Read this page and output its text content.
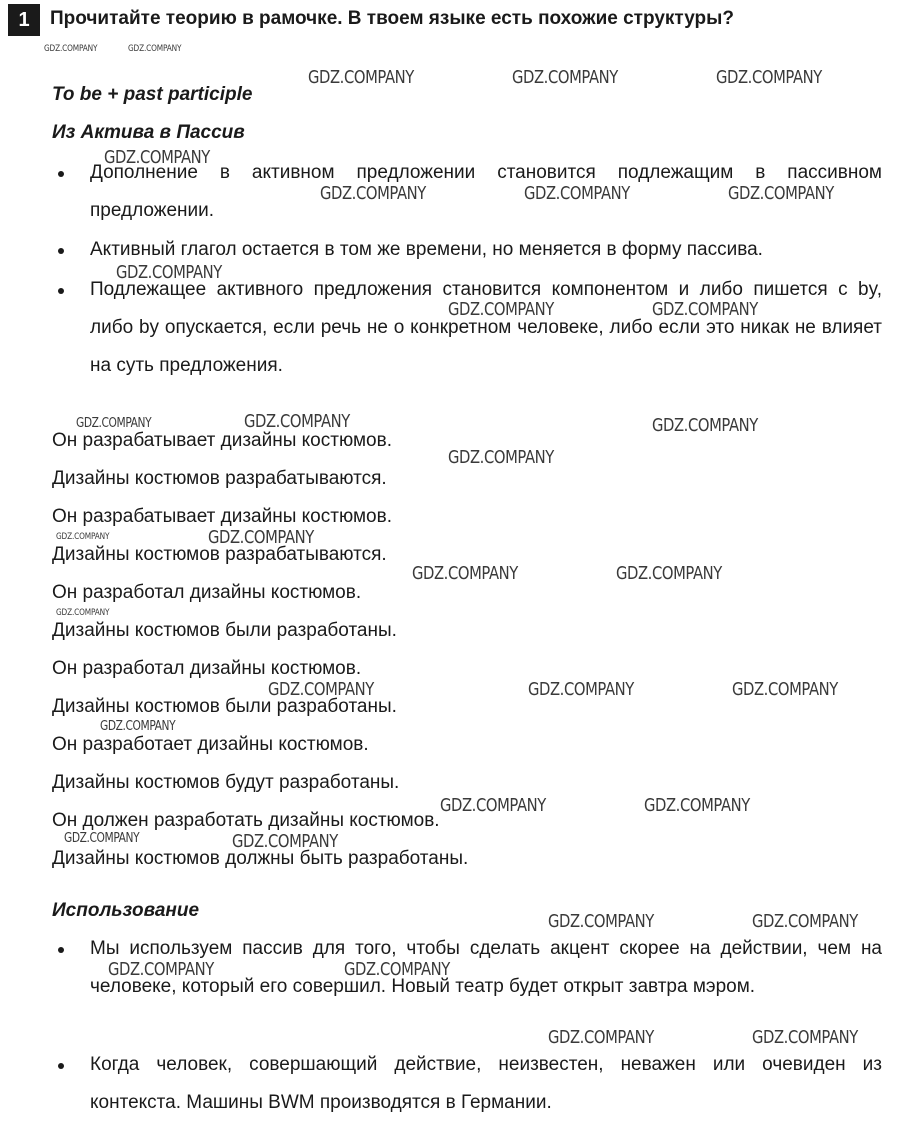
1	Прочитайте теорию в рамочке. В твоем языке есть похожие структуры?
To be + past participle
Из Актива в Пассив
Дополнение в активном предложении становится подлежащим в пассивном предложении.
Активный глагол остается в том же времени, но меняется в форму пассива.
Подлежащее активного предложения становится компонентом и либо пишется с by, либо by опускается, если речь не о конкретном человеке, либо если это никак не влияет на суть предложения.
Он разрабатывает дизайны костюмов.
Дизайны костюмов разрабатываются.
Он разрабатывает дизайны костюмов.
Дизайны костюмов разрабатываются.
Он разработал дизайны костюмов.
Дизайны костюмов были разработаны.
Он разработал дизайны костюмов.
Дизайны костюмов были разработаны.
Он разработает дизайны костюмов.
Дизайны костюмов будут разработаны.
Он должен разработать дизайны костюмов.
Дизайны костюмов должны быть разработаны.
Использование
Мы используем пассив для того, чтобы сделать акцент скорее на действии, чем на человеке, который его совершил. Новый театр будет открыт завтра мэром.
Когда человек, совершающий действие, неизвестен, неважен или очевиден из контекста. Машины BWM производятся в Германии.
GDZ.COMPANY	GDZ.COMPANY
GDZ.COMPANY	GDZ.COMPANY	GDZ.COMPANY
GDZ.COMPANY
GDZ.COMPANY	GDZ.COMPANY	GDZ.COMPANY
GDZ.COMPANY
GDZ.COMPANY	GDZ.COMPANY
GDZ.COMPANY	GDZ.COMPANY	GDZ.COMPANY
GDZ.COMPANY
GDZ.COMPANY	GDZ.COMPANY
GDZ.COMPANY	GDZ.COMPANY
GDZ.COMPANY
GDZ.COMPANY	GDZ.COMPANY	GDZ.COMPANY
GDZ.COMPANY
GDZ.COMPANY	GDZ.COMPANY
GDZ.COMPANY	GDZ.COMPANY
GDZ.COMPANY	GDZ.COMPANY
GDZ.COMPANY	GDZ.COMPANY
GDZ.COMPANY	GDZ.COMPANY
